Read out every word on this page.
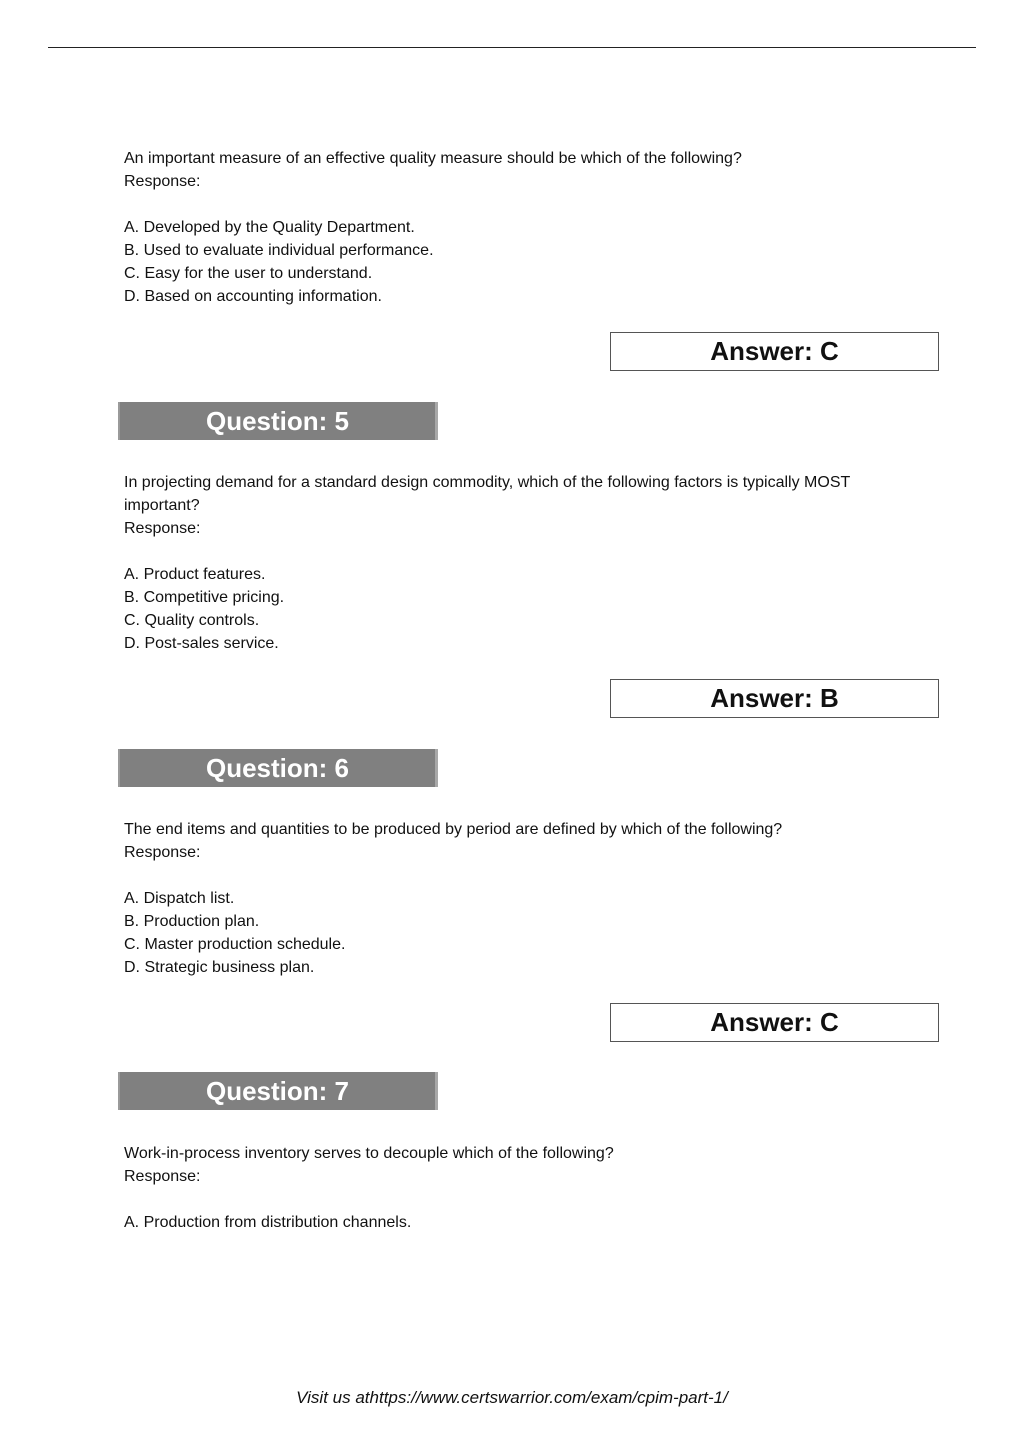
An important measure of an effective quality measure should be which of the following?

Response:

A. Developed by the Quality Department.

B. Used to evaluate individual performance.

C. Easy for the user to understand.

D. Based on accounting information.

Answer: C
Question: 5

In projecting demand for a standard design commodity, which of the following factors is typically MOST

important?

Response:

A. Product features.

B. Competitive pricing.

C. Quality controls.

D. Post-sales service.

Answer: B
Question: 6

The end items and quantities to be produced by period are defined by which of the following?

Response:

A. Dispatch list.

B. Production plan.

C. Master production schedule.

D. Strategic business plan.

Answer: C
Question: 7

Work-in-process inventory serves to decouple which of the following?

Response:

A. Production from distribution channels.

Visit us athttps://www.certswarrior.com/exam/cpim-part-1/
